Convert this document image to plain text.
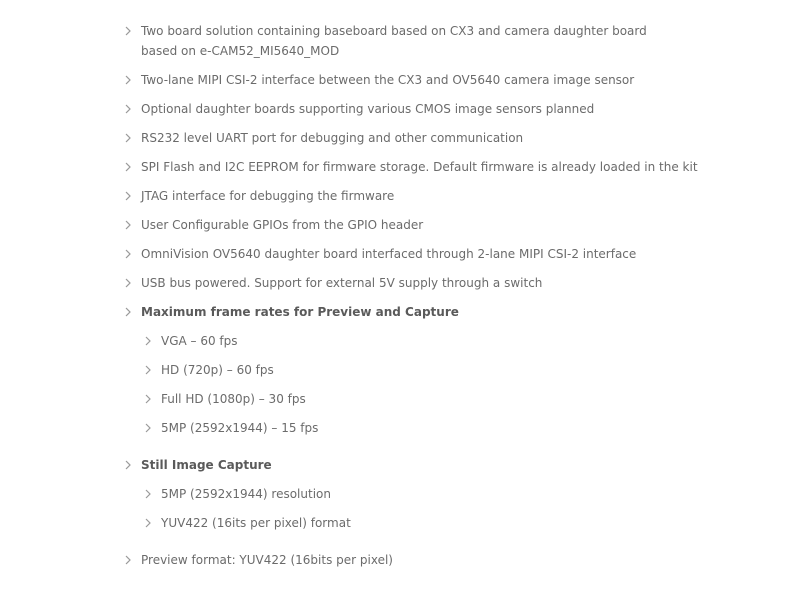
Two board solution containing baseboard based on CX3 and camera daughter board based on e-CAM52_MI5640_MOD
Two-lane MIPI CSI-2 interface between the CX3 and OV5640 camera image sensor
Optional daughter boards supporting various CMOS image sensors planned
RS232 level UART port for debugging and other communication
SPI Flash and I2C EEPROM for firmware storage. Default firmware is already loaded in the kit
JTAG interface for debugging the firmware
User Configurable GPIOs from the GPIO header
OmniVision OV5640 daughter board interfaced through 2-lane MIPI CSI-2 interface
USB bus powered. Support for external 5V supply through a switch
Maximum frame rates for Preview and Capture
VGA – 60 fps
HD (720p) – 60 fps
Full HD (1080p) – 30 fps
5MP (2592x1944) – 15 fps
Still Image Capture
5MP (2592x1944) resolution
YUV422 (16its per pixel) format
Preview format: YUV422 (16bits per pixel)
